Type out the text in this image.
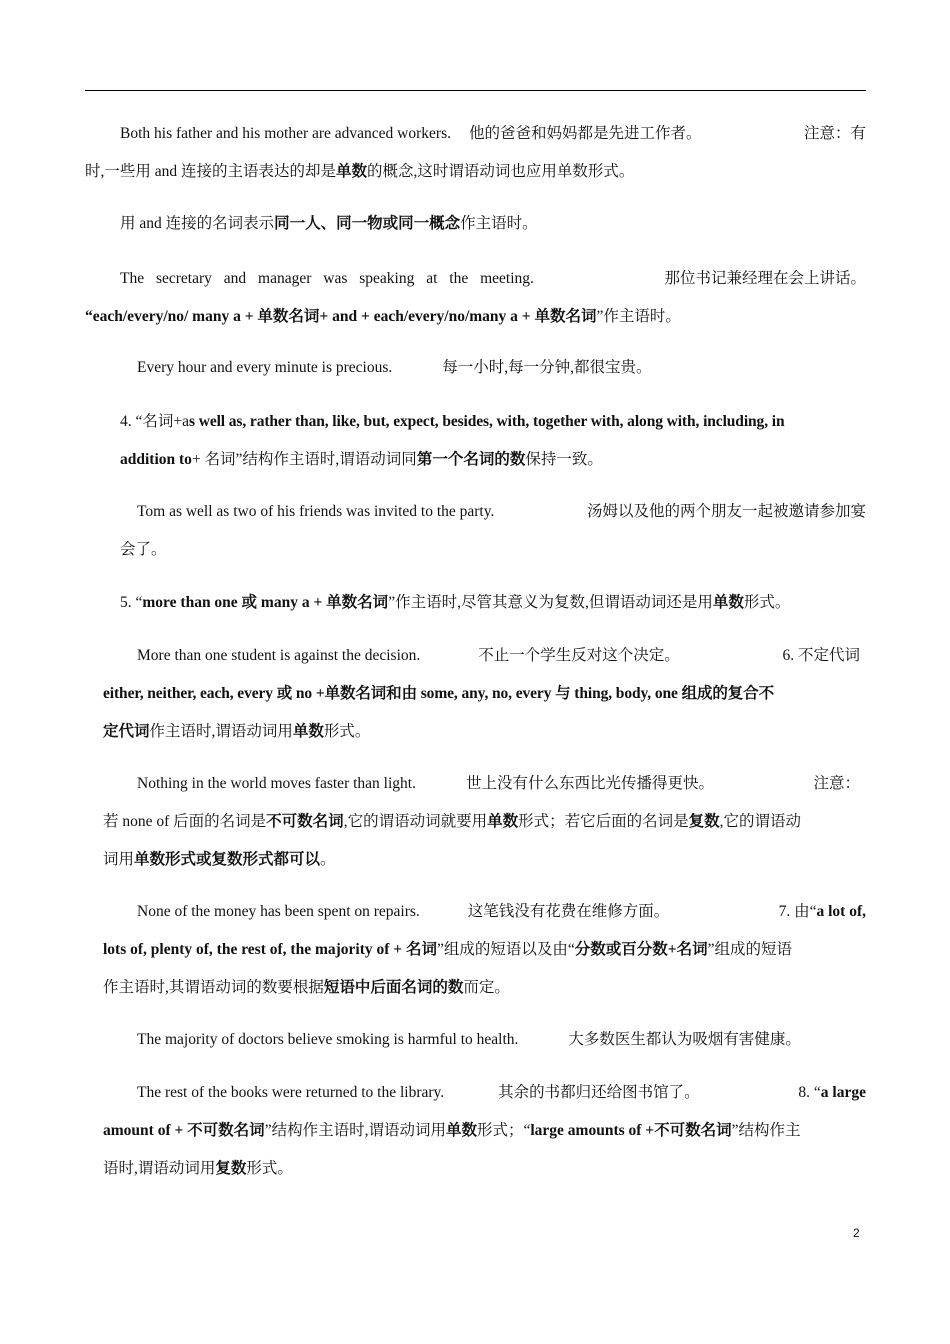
Both his father and his mother are advanced workers. 他的爸爸和妈妈都是先进工作者。	注意：有
时,一些用 and 连接的主语表达的却是单数的概念,这时谓语动词也应用单数形式。
用 and 连接的名词表示同一人、同一物或同一概念作主语时。
The secretary and manager was speaking at the meeting.	那位书记兼经理在会上讲话。
“each/every/no/ many a + 单数名词+ and + each/every/no/many a + 单数名词”作主语时。
Every hour and every minute is precious.	每一小时,每一分钟,都很宝贵。
4. “名词+as well as, rather than, like, but, expect, besides, with, together with, along with, including, in
addition to+ 名词”结构作主语时,谓语动词同第一个名词的数保持一致。
Tom as well as two of his friends was invited to the party.	汤姆以及他的两个朋友一起被邀请参加宴
会了。
5. “more than one 或 many a + 单数名词”作主语时,尽管其意义为复数,但谓语动词还是用单数形式。
More than one student is against the decision.	不止一个学生反对这个决定。	6. 不定代词
either, neither, each, every 或 no +单数名词和由 some, any, no, every 与 thing, body, one 组成的复合不
定代词作主语时,谓语动词用单数形式。
Nothing in the world moves faster than light.	世上没有什么东西比光传播得更快。	注意：
若 none of 后面的名词是不可数名词,它的谓语动词就要用单数形式；若它后面的名词是复数,它的谓语动
词用单数形式或复数形式都可以。
None of the money has been spent on repairs.	这笔钱没有花费在维修方面。	7. 由“a lot of,
lots of, plenty of, the rest of, the majority of + 名词”组成的短语以及由“分数或百分数+名词”组成的短语
作主语时,其谓语动词的数要根据短语中后面名词的数而定。
The majority of doctors believe smoking is harmful to health.	大多数医生都认为吸烟有害健康。
The rest of the books were returned to the library.	其余的书都归还给图书馆了。	8. “a large
amount of + 不可数名词”结构作主语时,谓语动词用单数形式；“large amounts of +不可数名词”结构作主
语时,谓语动词用复数形式。
2
